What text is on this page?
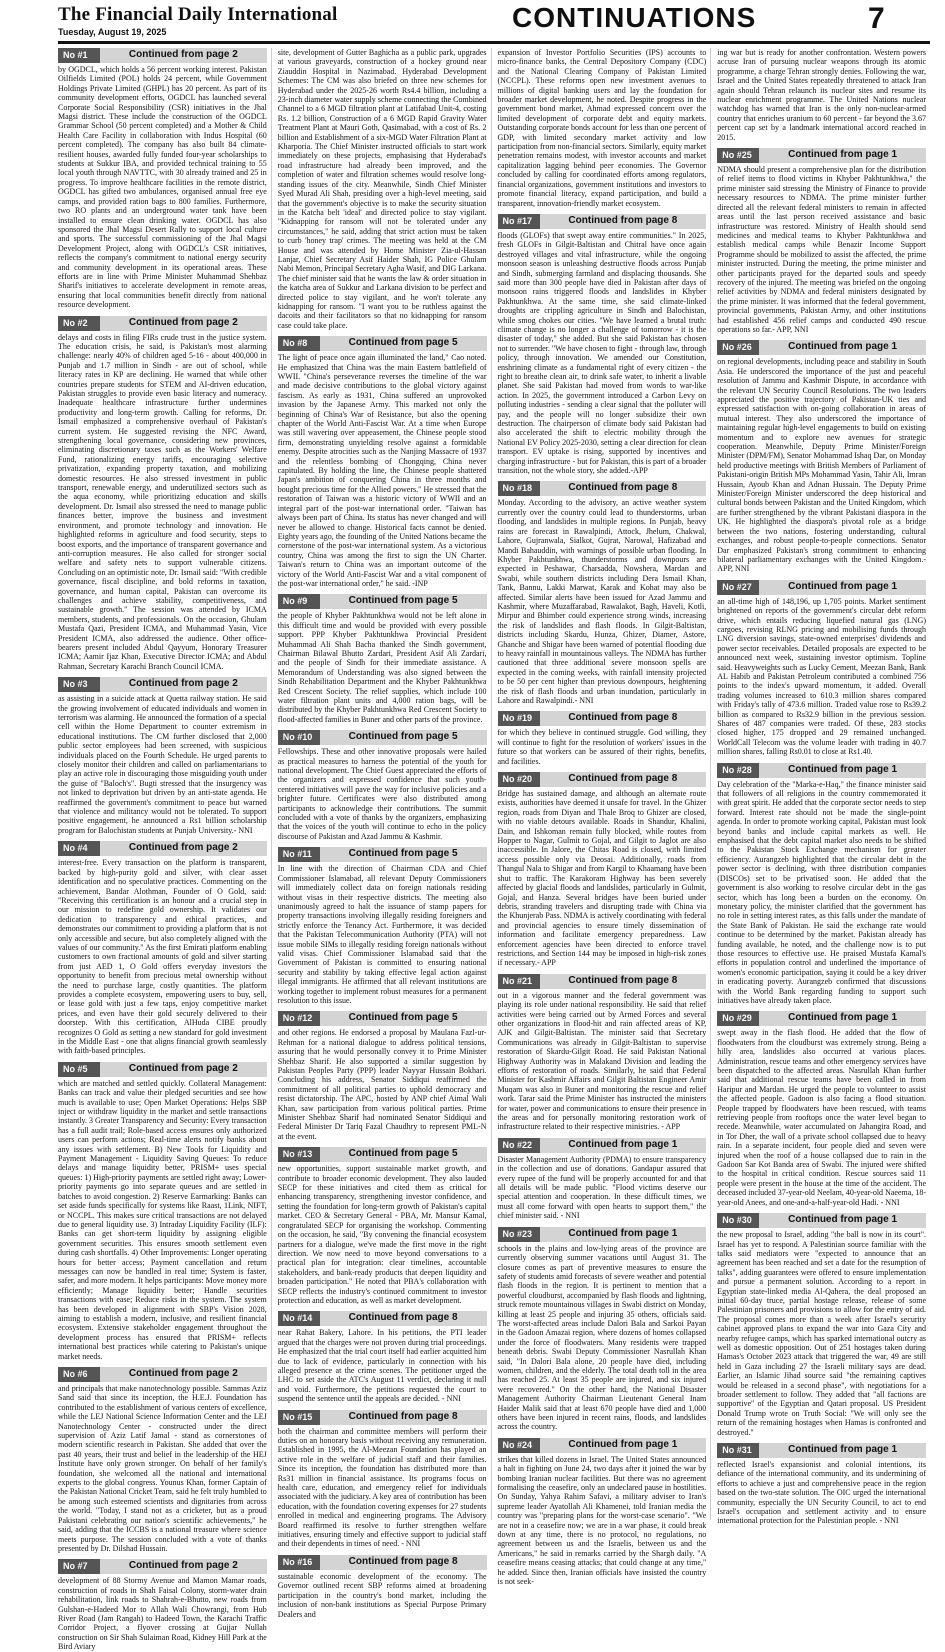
The Financial Daily International
Tuesday, August 19, 2025	CONTINUATIONS	7
No #1	Continued from page 2

by OGDCL, which holds a 56 percent working interest. Pakistan Oilfields Limited (POL) holds 24 percent, while Government Holdings Private Limited (GHPL) has 20 percent. As part of its community development efforts, OGDCL has launched several Corporate Social Responsibility (CSR) initiatives in the Jhal Magsi district. These include the construction of the OGDCL Grammar School (50 percent completed) and a Mother & Child Health Care Facility in collaboration with Indus Hospital (60 percent completed). The company has also built 84 climate-resilient houses, awarded fully funded four-year scholarships to students at Sukkur IBA, and provided technical training to 55 local youth through NAVTTC, with 30 already trained and 25 in progress. To improve healthcare facilities in the remote district, OGDCL has gifted two ambulances, organised annual free eye camps, and provided ration bags to 800 families. Furthermore, two RO plants and an underground water tank have been installed to ensure clean drinking water. OGDCL has also sponsored the Jhal Magsi Desert Rally to support local culture and sports. The successful commissioning of the Jhal Magsi Development Project, along with OGDCL's CSR initiatives, reflects the company's commitment to national energy security and community development in its operational areas. These efforts are in line with Prime Minister Muhammad Shehbaz Sharif's initiatives to accelerate development in remote areas, ensuring that local communities benefit directly from national resource development.

No #2	Continued from page 2

delays and costs in filing FIRs crude trust in the justice system. The education crisis, he said, is Pakistan's most alarming challenge: nearly 40% of children aged 5-16 - about 400,000 in Punjab and 1.7 million in Sindh - are out of school, while literacy rates in KP are declining. He warned that while other countries prepare students for STEM and AI-driven education, Pakistan struggles to provide even basic literacy and numeracy. Inadequate healthcare infrastructure further undermines productivity and long-term growth. Calling for reforms, Dr. Ismail emphasized a comprehensive overhaul of Pakistan's current system. He suggested revising the NFC Award, strengthening local governance, considering new provinces, eliminating discretionary taxes such as the Workers' Welfare Fund, rationalizing energy tariffs, encouraging selective privatization, expanding property taxation, and mobilizing domestic resources. He also stressed investment in public transport, renewable energy, and underutilized sectors such as the aqua economy, while prioritizing education and skills development. Dr. Ismail also stressed the need to manage public finances better, improve the business and investment environment, and promote technology and innovation. He highlighted reforms in agriculture and food security, steps to boost exports, and the importance of transparent governance and anti-corruption measures. He also called for stronger social welfare and safety nets to support vulnerable citizens. Concluding on an optimistic note, Dr. Ismail said: "With credible governance, fiscal discipline, and bold reforms in taxation, governance, and human capital, Pakistan can overcome its challenges and achieve stability, competitiveness, and sustainable growth." The session was attended by ICMA members, students, and professionals. On the occasion, Ghulam Mustafa Qazi, President ICMA, and Muhammad Yasin, Vice President ICMA, also addressed the audience. Other office-bearers present included Abdul Qayyum, Honorary Treasurer ICMA; Aamir Ijaz Khan, Executive Director ICMA; and Abdul Rahman, Secretary Karachi Branch Council ICMA.

No #3	Continued from page 2

as assisting in a suicide attack at Quetta railway station. He said the growing involvement of educated individuals and women in terrorism was alarming. He announced the formation of a special cell within the Home Department to counter extremism in educational institutions. The CM further disclosed that 2,000 public sector employees had been screened, with suspicious individuals placed on the Fourth Schedule. He urged parents to closely monitor their children and called on parliamentarians to play an active role in discouraging those misguiding youth under the guise of "Baloch's". Bugti stressed that the insurgency was not linked to deprivation but driven by an anti-state agenda. He reaffirmed the government's commitment to peace but warned that violence and militancy would not be tolerated. To support positive engagement, he announced a Rs1 billion scholarship program for Balochistan students at Punjab University.- NNI

No #4	Continued from page 2

interest-free. Every transaction on the platform is transparent, backed by high-purity gold and silver, with clear asset identification and no speculative practices. Commenting on the achievement, Bandar Alothman, Founder of O Gold, said: "Receiving this certification is an honour and a crucial step in our mission to redefine gold ownership. It validates our dedication to transparency and ethical practices, and demonstrates our commitment to providing a platform that is not only accessible and secure, but also completely aligned with the values of our community." As the first Emirati platform enabling customers to own fractional amounts of gold and silver starting from just AED 1, O Gold offers everyday investors the opportunity to benefit from precious metal ownership without the need to purchase large, costly quantities. The platform provides a complete ecosystem, empowering users to buy, sell, or lease gold with just a few taps, enjoy competitive market prices, and even have their gold securely delivered to their doorstep. With this certification, AlHuda CIBE proudly recognizes O Gold as setting a new standard for gold investment in the Middle East - one that aligns financial growth seamlessly with faith-based principles.

No #5	Continued from page 2

which are matched and settled quickly. Collateral Management: Banks can track and value their pledged securities and see how much is available to use; Open Market Operations: Helps SBP inject or withdraw liquidity in the market and settle transactions instantly. 3 Greater Transparency and Security: Every transaction has a full audit trail; Role-based access ensures only authorized users can perform actions; Real-time alerts notify banks about any issues with settlement. B) New Tools for Liquidity and Payment Management - Liquidity Saving Queues: To reduce delays and manage liquidity better, PRISM+ uses special queues: 1) High-priority payments are settled right away; Lower-priority payments go into separate queues and are settled in batches to avoid congestion. 2) Reserve Earmarking: Banks can set aside funds specifically for systems like Raast, 1Link, NIFT, or NCCPL. This makes sure critical transactions are not delayed due to general liquidity use. 3) Intraday Liquidity Facility (ILF): Banks can get short-term liquidity by assigning eligible government securities. This ensures smooth settlement even during cash shortfalls. 4) Other Improvements: Longer operating hours for better access; Payment cancellation and return messages can now be handled in real time; System is faster, safer, and more modern. It helps participants: Move money more efficiently; Manage liquidity better; Handle securities transactions with ease; Reduce risks in the system. The system has been developed in alignment with SBP's Vision 2028, aiming to establish a modern, inclusive, and resilient financial ecosystem. Extensive stakeholder engagement throughout the development process has ensured that PRISM+ reflects international best practices while catering to Pakistan's unique market needs.

No #6	Continued from page 2

and principals that make nanotechnology possible. Sammas Aziz Sand said that since its inception, the H.E.J. Foundation has contributed to the establishment of various centers of excellence, while the LEJ National Science Information Center and the LEJ Nanotechnology Center - constructed under the direct supervision of Aziz Latif Jamal - stand as cornerstones of modern scientific research in Pakistan. She added that over the past 40 years, their trust and belief in the leadership of the HEJ Institute have only grown stronger. On behalf of her family's foundation, she welcomed all the national and international experts to the global congress. Younus Khan, former Captain of the Pakistan National Cricket Team, said he felt truly humbled to be among such esteemed scientists and dignitaries from across the world. "Today, I stand not as a cricketer, but as a proud Pakistani celebrating our nation's scientific achievements," he said, adding that the ICCBS is a national treasure where science meets purpose. The session concluded with a vote of thanks presented by Dr. Dilshad Hussain.

No #7	Continued from page 2

development of 88 Stormy Avenue and Mamon Mamar roads, construction of roads in Shah Faisal Colony, storm-water drain rehabilitation, link roads to Shahrah-e-Bhutto, new roads from Gulshan-e-Hadeed Mor to Allah Wali Chowrangi, from Hub River Road (Jam Rangah) to Hadeed Town, the Karachi Traffic Corridor Project, a flyover crossing at Gujjar Nullah construction on Sir Shah Sulaiman Road, Kidney Hill Park at the Bird Aviary

site, development of Gutter Baghicha as a public park, upgrades at various graveyards, construction of a hockey ground near Ziauddin Hospital in Nazimabad. Hyderabad Development Schemes: The CM was also briefed on three new schemes for Hyderabad under the 2025-26 worth Rs4.4 billion, including a 23-inch diameter water supply scheme connecting the Combined Channel to a 6 MGD filtration plant at Latifabad Unit-4, costing Rs. 1.2 billion, Construction of a 6 MGD Rapid Gravity Water Treatment Plant at Mauri Goth, Qasimabad, with a cost of Rs. 2 billion and Establishment of a six-MGD Water Filtration Plant at Kharporia. The Chief Minister instructed officials to start work immediately on these projects, emphasising that Hyderabad's road infrastructure had already been improved, and the completion of water and filtration schemes would resolve long-standing issues of the city. Meanwhile, Sindh Chief Minister Syed Murad Ali Shah, presiding over a high-level meeting, said that the government's objective is to make the security situation in the Katcha belt 'ideal' and directed police to stay vigilant. "Kidnapping for ransom will not be tolerated under any circumstances," he said, adding that strict action must be taken to curb 'honey trap' crimes. The meeting was held at the CM House and was attended by Home Minister Zia-ul-Hassan Lanjar, Chief Secretary Asif Haider Shah, IG Police Ghulam Nabi Memon, Principal Secretary Agha Wasif, and DIG Larkana. The chief minister said that he wants the law & order situation in the katcha area of Sukkur and Larkana division to be perfect and directed police to stay vigilant, and he won't tolerate any kidnapping for ransom. "I want you to be ruthless against the dacoits and their facilitators so that no kidnapping for ransom case could take place.

No #8	Continued from page 5

The light of peace once again illuminated the land," Cao noted. He emphasized that China was the main Eastern battlefield of WWII. "China's perseverance reverses the timeline of the war and made decisive contributions to the global victory against fascism. As early as 1931, China suffered an unprovoked invasion by the Japanese Army. This marked not only the beginning of China's War of Resistance, but also the opening chapter of the World Anti-Fascist War. At a time when Europe was still wavering over appeasement, the Chinese people stood firm, demonstrating unyielding resolve against a formidable enemy. Despite atrocities such as the Nanjing Massacre of 1937 and the relentless bombing of Chongqing, China never capitulated. By holding the line, the Chinese people shattered Japan's ambition of conquering China in three months and bought precious time for the Allied powers." He stressed that the restoration of Taiwan was a historic victory of WWII and an integral part of the post-war international order. "Taiwan has always been part of China. Its status has never changed and will never be allowed to change. Historical facts cannot be denied. Eighty years ago, the founding of the United Nations became the cornerstone of the post-war international system. As a victorious country, China was among the first to sign the UN Charter. Taiwan's return to China was an important outcome of the victory of the World Anti-Fascist War and a vital component of the post-war international order," he said. -INP

No #9	Continued from page 5

the people of Khyber Pakhtunkhwa would not be left alone in this difficult time and would be provided with every possible support. PPP Khyber Pakhtunkhwa Provincial President Muhammad Ali Shah Bacha thanked the Sindh government, Chairman Bilawal Bhutto Zardari, President Asif Ali Zardari, and the people of Sindh for their immediate assistance. A Memorandum of Understanding was also signed between the Sindh Rehabilitation Department and the Khyber Pakhtunkhwa Red Crescent Society. The relief supplies, which include 100 water filtration plant units and 4,000 ration bags, will be distributed by the Khyber Pakhtunkhwa Red Crescent Society to flood-affected families in Buner and other parts of the province.

No #10	Continued from page 5

Fellowships. These and other innovative proposals were hailed as practical measures to harness the potential of the youth for national development. The Chief Guest appreciated the efforts of the organizers and expressed confidence that such youth-centered initiatives will pave the way for inclusive policies and a brighter future. Certificates were also distributed among participants to acknowledge their contributions. The summit concluded with a vote of thanks by the organizers, emphasizing that the voices of the youth will continue to echo in the policy discourse of Pakistan and Azad Jammu & Kashmir.

No #11	Continued from page 5

In line with the direction of Chairman CDA and Chief Commissioner Islamabad, all relevant Deputy Commissioners will immediately collect data on foreign nationals residing without visas in their respective districts. The meeting also unanimously agreed to halt the issuance of stamp papers for property transactions involving illegally residing foreigners and strictly enforce the Tenancy Act. Furthermore, it was decided that the Pakistan Telecommunication Authority (PTA) will not issue mobile SIMs to illegally residing foreign nationals without valid visas. Chief Commissioner Islamabad said that the Government of Pakistan is committed to ensuring national security and stability by taking effective legal action against illegal immigrants. He affirmed that all relevant institutions are working together to implement robust measures for a permanent resolution to this issue.

No #12	Continued from page 5

and other regions. He endorsed a proposal by Maulana Fazl-ur-Rehman for a national dialogue to address political tensions, assuring that he would personally convey it to Prime Minister Shehbaz Sharif. He also supported a similar suggestion by Pakistan Peoples Party (PPP) leader Nayyar Hussain Bokhari. Concluding his address, Senator Siddiqui reaffirmed the commitment of all political parties to uphold democracy and resist dictatorship. The APC, hosted by ANP chief Aimal Wali Khan, saw participation from various political parties. Prime Minister Shehbaz Sharif had nominated Senator Siddiqui and Federal Minister Dr Tariq Fazal Chaudhry to represent PML-N at the event.

No #13	Continued from page 5

new opportunities, support sustainable market growth, and contribute to broader economic development. They also lauded SECP for these initiatives and cited them as critical for enhancing transparency, strengthening investor confidence, and setting the foundation for long-term growth of Pakistan's capital market. CEO & Secretary General - PBA, Mr. Mansur Kamal, congratulated SECP for organising the workshop. Commenting on the occasion, he said, "By convening the financial ecosystem partners for a dialogue, we've made the first move in the right direction. We now need to move beyond conversations to a practical plan for integration: clear timelines, accountable stakeholders, and bank-ready products that deepen liquidity and broaden participation." He noted that PBA's collaboration with SECP reflects the industry's continued commitment to investor protection and education, as well as market development.

No #14	Continued from page 8

near Rahat Bakery, Lahore. In his petitions, the PTI leader argued that the charges were not proven during trial proceedings. He emphasized that the trial court itself had earlier acquitted him due to lack of evidence, particularly in connection with his alleged presence at the crime scenes. The petitioner urged the LHC to set aside the ATC's August 11 verdict, declaring it null and void. Furthermore, the petitions requested the court to suspend the sentence until the appeals are decided. - NNI

No #15	Continued from page 8

both the chairman and committee members will perform their duties on an honorary basis without receiving any remuneration. Established in 1995, the Al-Meezan Foundation has played an active role in the welfare of judicial staff and their families. Since its inception, the foundation has distributed more than Rs31 million in financial assistance. Its programs focus on health care, education, and emergency relief for individuals associated with the judiciary. A key area of contribution has been education, with the foundation covering expenses for 27 students enrolled in medical and engineering programs. The Advisory Board reaffirmed its resolve to further strengthen welfare initiatives, ensuring timely and effective support to judicial staff and their dependents in times of need. - NNI

No #16	Continued from page 8

sustainable economic development of the economy. The Governor outlined recent SBP reforms aimed at broadening participation in the country's bond market, including the inclusion of non-bank institutions as Special Purpose Primary Dealers and

expansion of Investor Portfolio Securities (IPS) accounts to micro-finance banks, the Central Depository Company (CDC) and the National Clearing Company of Pakistan Limited (NCCPL). These reforms open new investment avenues to millions of digital banking users and lay the foundation for broader market development, he noted. Despite progress in the government bond market, Ahmad expressed concern over the limited development of corporate debt and equity markets. Outstanding corporate bonds account for less than one percent of GDP, with limited secondary market activity and low participation from non-financial sectors. Similarly, equity market penetration remains modest, with investor accounts and market capitalization lagging behind peer economies. The Governor concluded by calling for coordinated efforts among regulators, financial organizations, government institutions and investors to promote financial literacy, expand participation, and build a transparent, innovation-friendly market ecosystem.

No #17	Continued from page 8

floods (GLOFs) that swept away entire communities." In 2025, fresh GLOFs in Gilgit-Baltistan and Chitral have once again destroyed villages and vital infrastructure, while the ongoing monsoon season is unleashing destructive floods across Punjab and Sindh, submerging farmland and displacing thousands. She said more than 300 people have died in Pakistan after days of monsoon rains triggered floods and landslides in Khyber Pakhtunkhwa. At the same time, she said climate-linked droughts are crippling agriculture in Sindh and Balochistan, while smog chokes our cities. "We have learned a brutal truth: climate change is no longer a challenge of tomorrow - it is the disaster of today," she added. But she said Pakistan has chosen not to surrender. "We have chosen to fight - through law, through policy, through innovation. We amended our Constitution, enshrining climate as a fundamental right of every citizen - the right to breathe clean air, to drink safe water, to inherit a livable planet. She said Pakistan had moved from words to war-like action. In 2025, the government introduced a Carbon Levy on polluting industries - sending a clear signal that the polluter will pay, and the people will no longer subsidize their own destruction. The chairperson of climate body said Pakistan had also accelerated the shift to electric mobility through the National EV Policy 2025-2030, setting a clear direction for clean transport. EV uptake is rising, supported by incentives and charging infrastructure - but for Pakistan, this is part of a broader transition, not the whole story, she added.-APP

No #18	Continued from page 8

Monday. According to the advisory, an active weather system currently over the country could lead to thunderstorms, urban flooding, and landslides in multiple regions. In Punjab, heavy rains are forecast in Rawalpindi, Attock, Jhelum, Chakwal, Lahore, Gujranwala, Sialkot, Gujrat, Narowal, Hafizabad and Mandi Bahauddin, with warnings of possible urban flooding. In Khyber Pakhtunkhwa, thunderstorms and downpours are expected in Peshawar, Charsadda, Nowshera, Mardan and Swabi, while southern districts including Dera Ismail Khan, Tank, Bannu, Lakki Marwat, Karak and Kohat may also be affected. Similar alerts have been issued for Azad Jammu and Kashmir, where Muzaffarabad, Rawalakot, Bagh, Haveli, Kotli, Mirpur and Bhimber could experience strong winds, increasing the risk of landslides and flash floods. In Gilgit-Baltistan, districts including Skardu, Hunza, Ghizer, Diamer, Astore, Ghanche and Shigar have been warned of potential flooding due to heavy rainfall in mountainous valleys. The NDMA has further cautioned that three additional severe monsoon spells are expected in the coming weeks, with rainfall intensity projected to be 50 per cent higher than previous downpours, heightening the risk of flash floods and urban inundation, particularly in Lahore and Rawalpindi.- NNI

No #19	Continued from page 8

for which they believe in continued struggle. God willing, they will continue to fight for the resolution of workers' issues in the future so that workers can be assured of their rights, benefits, and facilities.

No #20	Continued from page 8

Bridge has sustained damage, and although an alternate route exists, authorities have deemed it unsafe for travel. In the Ghizer region, roads from Diyan and Thale Broq to Ghizer are closed, with no viable detours available. Roads in Shandur, Khalini, Dain, and Ishkoman remain fully blocked, while routes from Hopper to Nagar, Gulmit to Gojal, and Gilgit to Jaglot are also inaccessible. In Jalore, the Chitas Road is closed, with limited access possible only via Deosai. Additionally, roads from Thangul Nala to Shigar and from Kargil to Khaamang have been shut to traffic. The Karakoram Highway has been severely affected by glacial floods and landslides, particularly in Gulmit, Gojal, and Hanza. Several bridges have been buried under debris, stranding travelers and disrupting trade with China via the Khunjerab Pass. NDMA is actively coordinating with federal and provincial agencies to ensure timely dissemination of information and facilitate emergency preparedness. Law enforcement agencies have been directed to enforce travel restrictions, and Section 144 may be imposed in high-risk zones if necessary.- APP

No #21	Continued from page 8

out in a vigorous manner and the federal government was playing its role under national responsibility. He said that relief activities were being carried out by Armed Forces and several other organizations in flood-hit and rain affected areas of KP, AJK and Gilgit-Baltistan. The minister said that Secretary Communications was already in Gilgit-Baltistan to supervise restoration of Skardu-Gilgit Road. He said Pakistan National Highway Authority was in Malakand Division and leading the efforts of restoration of roads. Similarly, he said that Federal Minister for Kashmir Affairs and Gilgit Baltistan Engineer Amir Muqam was also in Buner and monitoring the rescue and relief work. Tarar said the Prime Minister has instructed the ministers for water, power and communications to ensure their presence in the areas and for personally monitoring restoration work of infrastructure related to their respective ministries. - APP

No #22	Continued from page 1

Disaster Management Authority (PDMA) to ensure transparency in the collection and use of donations. Gandapur assured that every rupee of the fund will be properly accounted for and that all details will be made public. "Flood victims deserve our special attention and cooperation. In these difficult times, we must all come forward with open hearts to support them," the chief minister said. - NNI

No #23	Continued from page 1

schools in the plains and low-lying areas of the province are currently observing summer vacations until August 31. The closure comes as part of preventive measures to ensure the safety of students amid forecasts of severe weather and potential flash floods in the region. It is pertinent to mention that a powerful cloudburst, accompanied by flash floods and lightning, struck remote mountainous villages in Swabi district on Monday, killing at least 25 people and injuring 35 others, officials said. The worst-affected areas include Dalori Bala and Sarkoi Payan in the Gadoon Amazai region, where dozens of homes collapsed under the force of floodwaters. Many residents were trapped beneath debris. Swabi Deputy Commissioner Nasrullah Khan said, "In Dalori Bala alone, 20 people have died, including women, children, and the elderly. The total death toll in the area has reached 25. At least 35 people are injured, and six injured were recovered." On the other hand, the National Disaster Management Authority Chairman Lieutenant General Inam Haider Malik said that at least 670 people have died and 1,000 others have been injured in recent rains, floods, and landslides across the country.

No #24	Continued from page 1

strikes that killed dozens in Israel. The United States announced a halt in fighting on June 24, two days after it joined the war by bombing Iranian nuclear facilities. But there was no agreement formalising the ceasefire, only an undeclared pause in hostilities. On Sunday, Yahya Rahim Safavi, a military adviser to Iran's supreme leader Ayatollah Ali Khamenei, told Iranian media the country was "preparing plans for the worst-case scenario". "We are not in a ceasefire now; we are in a war phase, it could break down at any time, there is no protocol, no regulations, no agreement between us and the Israelis, between us and the Americans," he said in remarks carried by the Shargh daily. "A ceasefire means ceasing attacks; that could change at any time," he added. Since then, Iranian officials have insisted the country is not seek-

ing war but is ready for another confrontation. Western powers accuse Iran of pursuing nuclear weapons through its atomic programme, a charge Tehran strongly denies. Following the war, Israel and the United States repeatedly threatened to attack Iran again should Tehran relaunch its nuclear sites and resume its nuclear enrichment programme. The United Nations nuclear watchdog has warned that Iran is the only non-nuclear-armed country that enriches uranium to 60 percent - far beyond the 3.67 percent cap set by a landmark international accord reached in 2015.

No #25	Continued from page 1

NDMA should present a comprehensive plan for the distribution of relief items to flood victims in Khyber Pakhtunkhwa," the prime minister said stressing the Ministry of Finance to provide necessary resources to NDMA. The prime minister further directed all the relevant federal ministers to remain in affected areas until the last person received assistance and basic infrastructure was restored. Ministry of Health should send medicines and medical teams to Khyber Pakhtunkhwa and establish medical camps while Benazir Income Support Programme should be mobilized to assist the affected, the prime minister instructed. During the meeting, the prime minister and other participants prayed for the departed souls and speedy recovery of the injured. The meeting was briefed on the ongoing relief activities by NDMA and federal ministers designated by the prime minister. It was informed that the federal government, provincial governments, Pakistan Army, and other institutions had established 456 relief camps and conducted 490 rescue operations so far.- APP, NNI

No #26	Continued from page 1

on regional developments, including peace and stability in South Asia. He underscored the importance of the just and peaceful resolution of Jammu and Kashmir Dispute, in accordance with the relevant UN Security Council Resolutions. The two leaders appreciated the positive trajectory of Pakistan-UK ties and expressed satisfaction with on-going collaboration in areas of mutual interest. They also underscored the importance of maintaining regular high-level engagements to build on existing momentum and to explore new avenues for strategic cooperation. Meanwhile, Deputy Prime Minister/Foreign Minister (DPM/FM), Senator Mohammad Ishaq Dar, on Monday held productive meetings with British Members of Parliament of Pakistani-origin British MPs Mohammad Yasin, Tahir Ali, Imran Hussain, Ayoub Khan and Adnan Hussain. The Deputy Prime Minister/Foreign Minister underscored the deep historical and cultural bonds between Pakistan and the United Kingdom, which are further strengthened by the vibrant Pakistani diaspora in the UK. He highlighted the diaspora's pivotal role as a bridge between the two nations, fostering understanding, cultural exchanges, and robust people-to-people connections. Senator Dar emphasized Pakistan's strong commitment to enhancing bilateral parliamentary exchanges with the United Kingdom.- APP, NNI

No #27	Continued from page 1

an all-time high of 148,196, up 1,705 points. Market sentiment brightened on reports of the government's circular debt reform drive, which entails reducing liquefied natural gas (LNG) cargoes, revising RLNG pricing and mobilising funds through LNG diversion savings, state-owned enterprises' dividends and power sector receivables. Detailed proposals are expected to be announced next week, sustaining investor optimism. Topline said. Heavyweights such as Lucky Cement, Meezan Bank, Bank AL Habib and Pakistan Petroleum contributed a combined 756 points to the index's upward momentum, it added. Overall trading volumes increased to 610.3 million shares compared with Friday's tally of 473.6 million. Traded value rose to Rs39.2 billion as compared to Rs32.9 billion in the previous session. Shares of 487 companies were traded. Of these, 283 stocks closed higher, 175 dropped and 29 remained unchanged. WorldCall Telecom was the volume leader with trading in 40.7 million shares, falling Rs0.01 to close at Rs1.40.

No #28	Continued from page 1

Day celebration of the "Marka-e-Haq," the finance minister said that followers of all religions in the country commemorated it with great spirit. He added that the corporate sector needs to step forward. Interest rate should not be made the single-point agenda. In order to promote working capital, Pakistan must look beyond banks and include capital markets as well. He emphasised that the debt capital market also needs to be shifted to the Pakistan Stock Exchange mechanism for greater efficiency. Aurangzeb highlighted that the circular debt in the power sector is declining, with three distribution companies (DISCOs) set to be privatised soon. He added that the government is also working to resolve circular debt in the gas sector, which has long been a burden on the economy. On monetary policy, the minister clarified that the government has no role in setting interest rates, as this falls under the mandate of the State Bank of Pakistan. He said the exchange rate would continue to be determined by the market. Pakistan already has funding available, he noted, and the challenge now is to put those resources to effective use. He praised Mustafa Kamal's efforts in population control and underlined the importance of women's economic participation, saying it could be a key driver in eradicating poverty. Aurangzeb confirmed that discussions with the World Bank regarding funding to support such initiatives have already taken place.

No #29	Continued from page 1

swept away in the flash flood. He added that the flow of floodwaters from the cloudburst was extremely strong. Being a hilly area, landslides also occurred at various places. Administration, rescue teams and other emergency services have been dispatched to the affected areas. Nasrullah Khan further said that additional rescue teams have been called in from Haripur and Mardan. He urged the people to volunteer to assist the affected people. Gadoon is also facing a flood situation. People trapped by floodwaters have been rescued, with teams retrieving people from rooftops once the water level began to recede. Meanwhile, water accumulated on Jahangira Road, and in Tor Dher, the wall of a private school collapsed due to heavy rain. In a separate incident, four people died and seven were injured when the roof of a house collapsed due to rain in the Gadoon Sar Kot Banda area of Swabi. The injured were shifted to the hospital in critical condition. Rescue sources said 11 people were present in the house at the time of the accident. The deceased included 37-year-old Neelam, 40-year-old Naeema, 18-year-old Anees, and one-and-a-half-year-old Hadi. - NNI

No #30	Continued from page 1

the new proposal to Israel, adding "the ball is now in its court". Israel has yet to respond. A Palestinian source familiar with the talks said mediators were "expected to announce that an agreement has been reached and set a date for the resumption of talks", adding guarantees were offered to ensure implementation and pursue a permanent solution. According to a report in Egyptian state-linked media Al-Qahera, the deal proposed an initial 60-day truce, partial hostage release, release of some Palestinian prisoners and provisions to allow for the entry of aid. The proposal comes more than a week after Israel's security cabinet approved plans to expand the war into Gaza City and nearby refugee camps, which has sparked international outcry as well as domestic opposition. Out of 251 hostages taken during Hamas's October 2023 attack that triggered the war, 49 are still held in Gaza including 27 the Israeli military says are dead. Earlier, an Islamic Jihad source said "the remaining captives would be released in a second phase", with negotiations for a broader settlement to follow. They added that "all factions are supportive" of the Egyptian and Qatari proposal. US President Donald Trump wrote on Truth Social: "We will only see the return of the remaining hostages when Hamas is confronted and destroyed."

No #31	Continued from page 1

reflected Israel's expansionist and colonial intentions, its defiance of the international community, and its undermining of efforts to achieve a just and comprehensive peace in the region based on the two-state solution. The OIC urged the international community, especially the UN Security Council, to act to end Israel's occupation and settlement activity and to ensure international protection for the Palestinian people. - NNI
